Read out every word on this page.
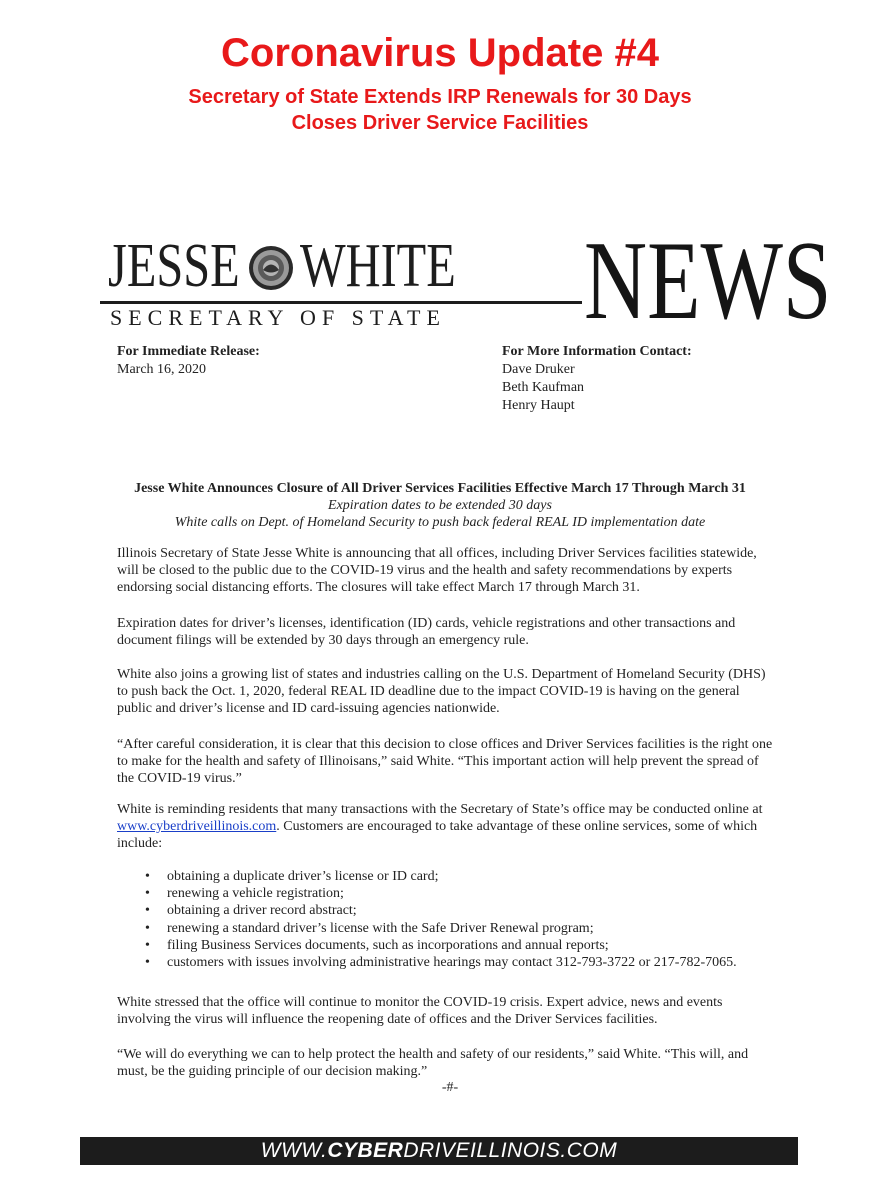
Coronavirus Update #4
Secretary of State Extends IRP Renewals for 30 Days
Closes Driver Service Facilities
JESSE WHITE
SECRETARY OF STATE NEWS
For Immediate Release:
March 16, 2020
For More Information Contact:
Dave Druker
Beth Kaufman
Henry Haupt
Jesse White Announces Closure of All Driver Services Facilities Effective March 17 Through March 31
Expiration dates to be extended 30 days
White calls on Dept. of Homeland Security to push back federal REAL ID implementation date
Illinois Secretary of State Jesse White is announcing that all offices, including Driver Services facilities statewide, will be closed to the public due to the COVID-19 virus and the health and safety recommendations by experts endorsing social distancing efforts. The closures will take effect March 17 through March 31.
Expiration dates for driver’s licenses, identification (ID) cards, vehicle registrations and other transactions and document filings will be extended by 30 days through an emergency rule.
White also joins a growing list of states and industries calling on the U.S. Department of Homeland Security (DHS) to push back the Oct. 1, 2020, federal REAL ID deadline due to the impact COVID-19 is having on the general public and driver’s license and ID card-issuing agencies nationwide.
“After careful consideration, it is clear that this decision to close offices and Driver Services facilities is the right one to make for the health and safety of Illinoisans,” said White. “This important action will help prevent the spread of the COVID-19 virus.”
White is reminding residents that many transactions with the Secretary of State’s office may be conducted online at www.cyberdriveillinois.com. Customers are encouraged to take advantage of these online services, some of which include:
• obtaining a duplicate driver’s license or ID card;
• renewing a vehicle registration;
• obtaining a driver record abstract;
• renewing a standard driver’s license with the Safe Driver Renewal program;
• filing Business Services documents, such as incorporations and annual reports;
• customers with issues involving administrative hearings may contact 312-793-3722 or 217-782-7065.
White stressed that the office will continue to monitor the COVID-19 crisis. Expert advice, news and events involving the virus will influence the reopening date of offices and the Driver Services facilities.
“We will do everything we can to help protect the health and safety of our residents,” said White. “This will, and must, be the guiding principle of our decision making.”
-#-
WWW.CYBERDRIVEILLINOIS.COM
